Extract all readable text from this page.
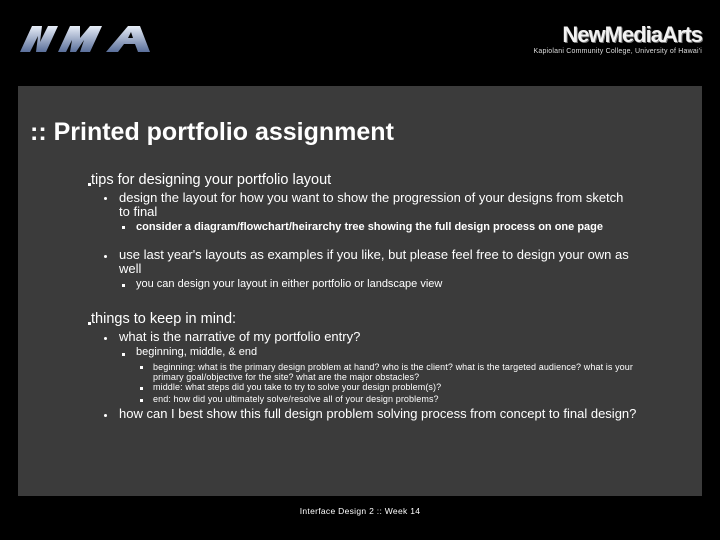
NewMediaArts
Kapiolani Community College, University of Hawai'i
:: Printed portfolio assignment
tips for designing your portfolio layout
design the layout for how you want to show the progression of your designs from sketch to final
consider a diagram/flowchart/heirarchy tree showing the full design process on one page
use last year's layouts as examples if you like, but please feel free to design your own as well
you can design your layout in either portfolio or landscape view
things to keep in mind:
what is the narrative of my portfolio entry?
beginning, middle, & end
beginning: what is the primary design problem at hand? who is the client? what is the targeted audience? what is your primary goal/objective for the site? what are the major obstacles?
middle: what steps did you take to try to solve your design problem(s)?
end: how did you ultimately solve/resolve all of your design problems?
how can I best show this full design problem solving process from concept to final design?
Interface Design 2 :: Week 14
